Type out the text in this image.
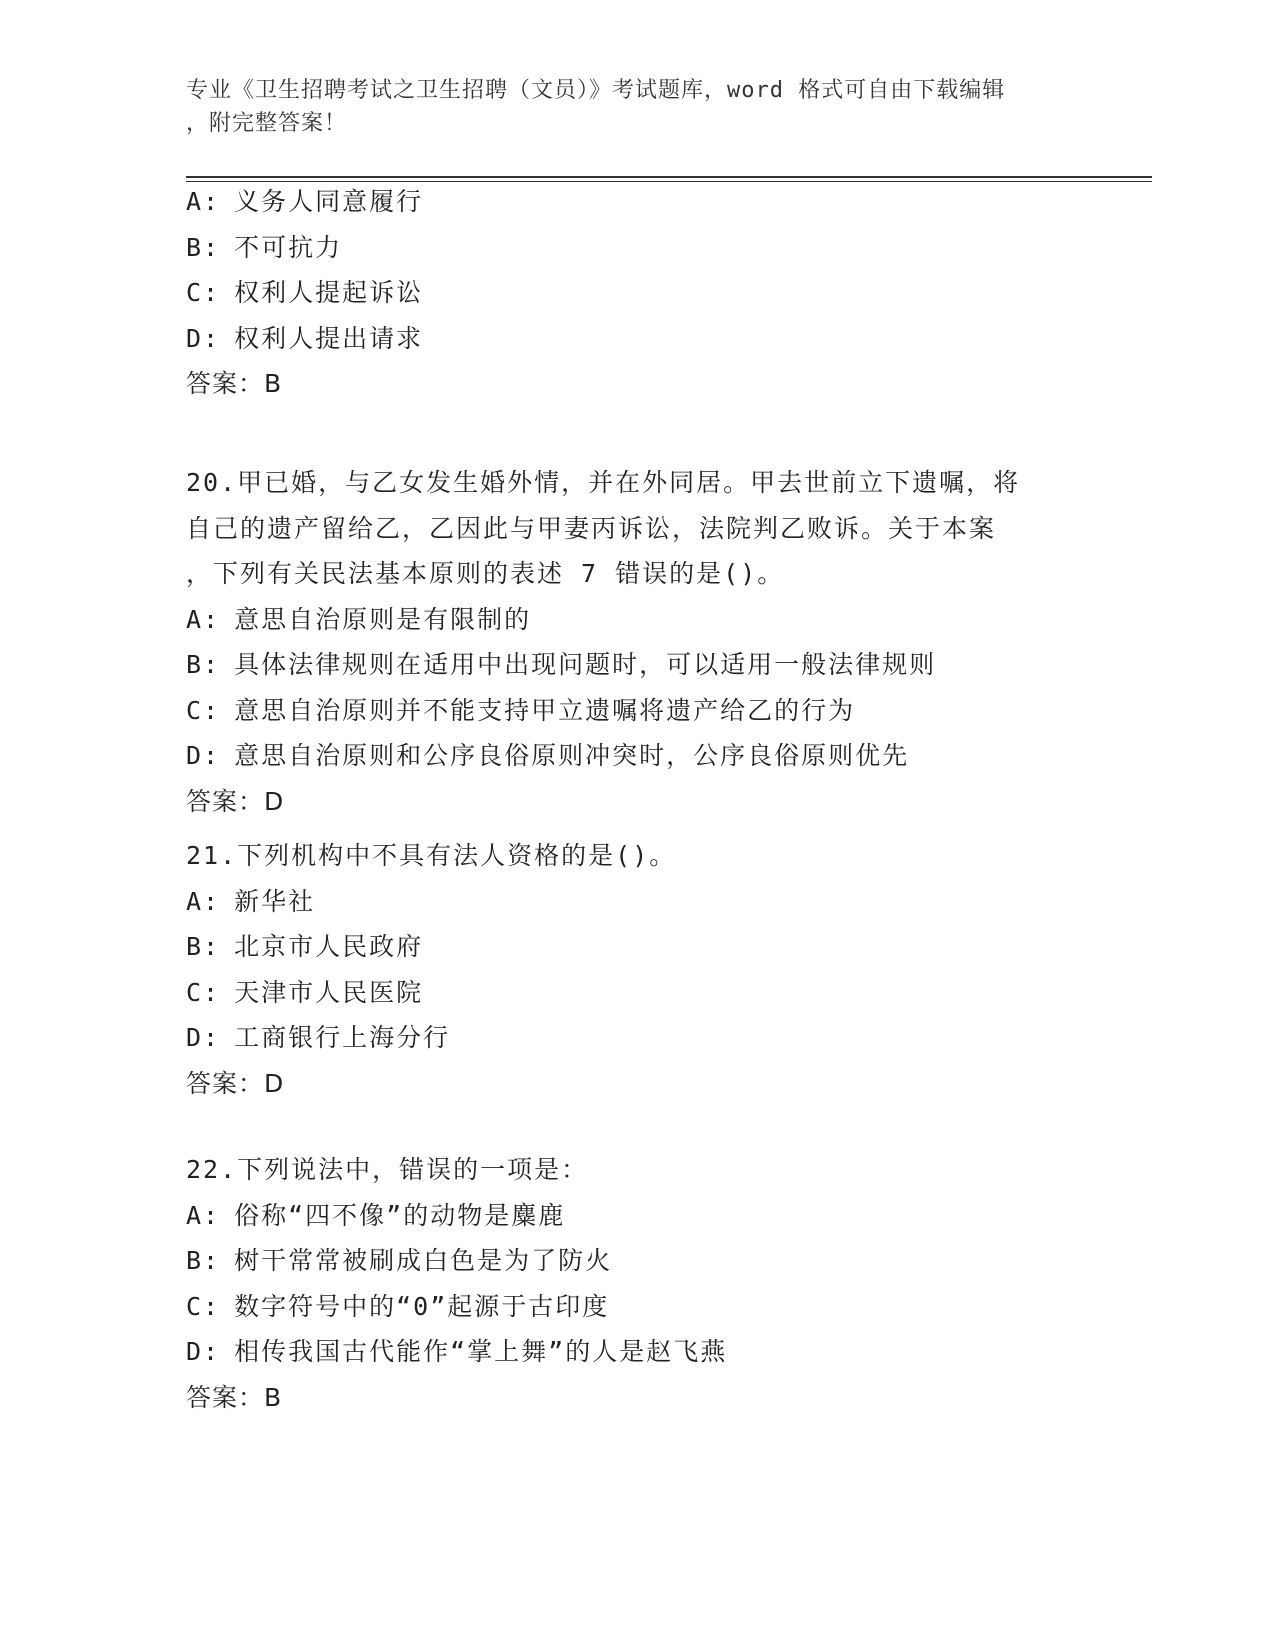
专业《卫生招聘考试之卫生招聘（文员）》考试题库，word 格式可自由下载编辑
，附完整答案！
A: 义务人同意履行
B: 不可抗力
C: 权利人提起诉讼
D: 权利人提出请求
答案：B
20.甲已婚，与乙女发生婚外情，并在外同居。甲去世前立下遗嘱，将
自己的遗产留给乙，乙因此与甲妻丙诉讼，法院判乙败诉。关于本案
，下列有关民法基本原则的表述 7 错误的是()。
A: 意思自治原则是有限制的
B: 具体法律规则在适用中出现问题时，可以适用一般法律规则
C: 意思自治原则并不能支持甲立遗嘱将遗产给乙的行为
D: 意思自治原则和公序良俗原则冲突时，公序良俗原则优先
答案：D
21.下列机构中不具有法人资格的是()。
A: 新华社
B: 北京市人民政府
C: 天津市人民医院
D: 工商银行上海分行
答案：D
22.下列说法中，错误的一项是：
A: 俗称“四不像”的动物是麋鹿
B: 树干常常被刷成白色是为了防火
C: 数字符号中的“0”起源于古印度
D: 相传我国古代能作“掌上舞”的人是赵飞燕
答案：B
